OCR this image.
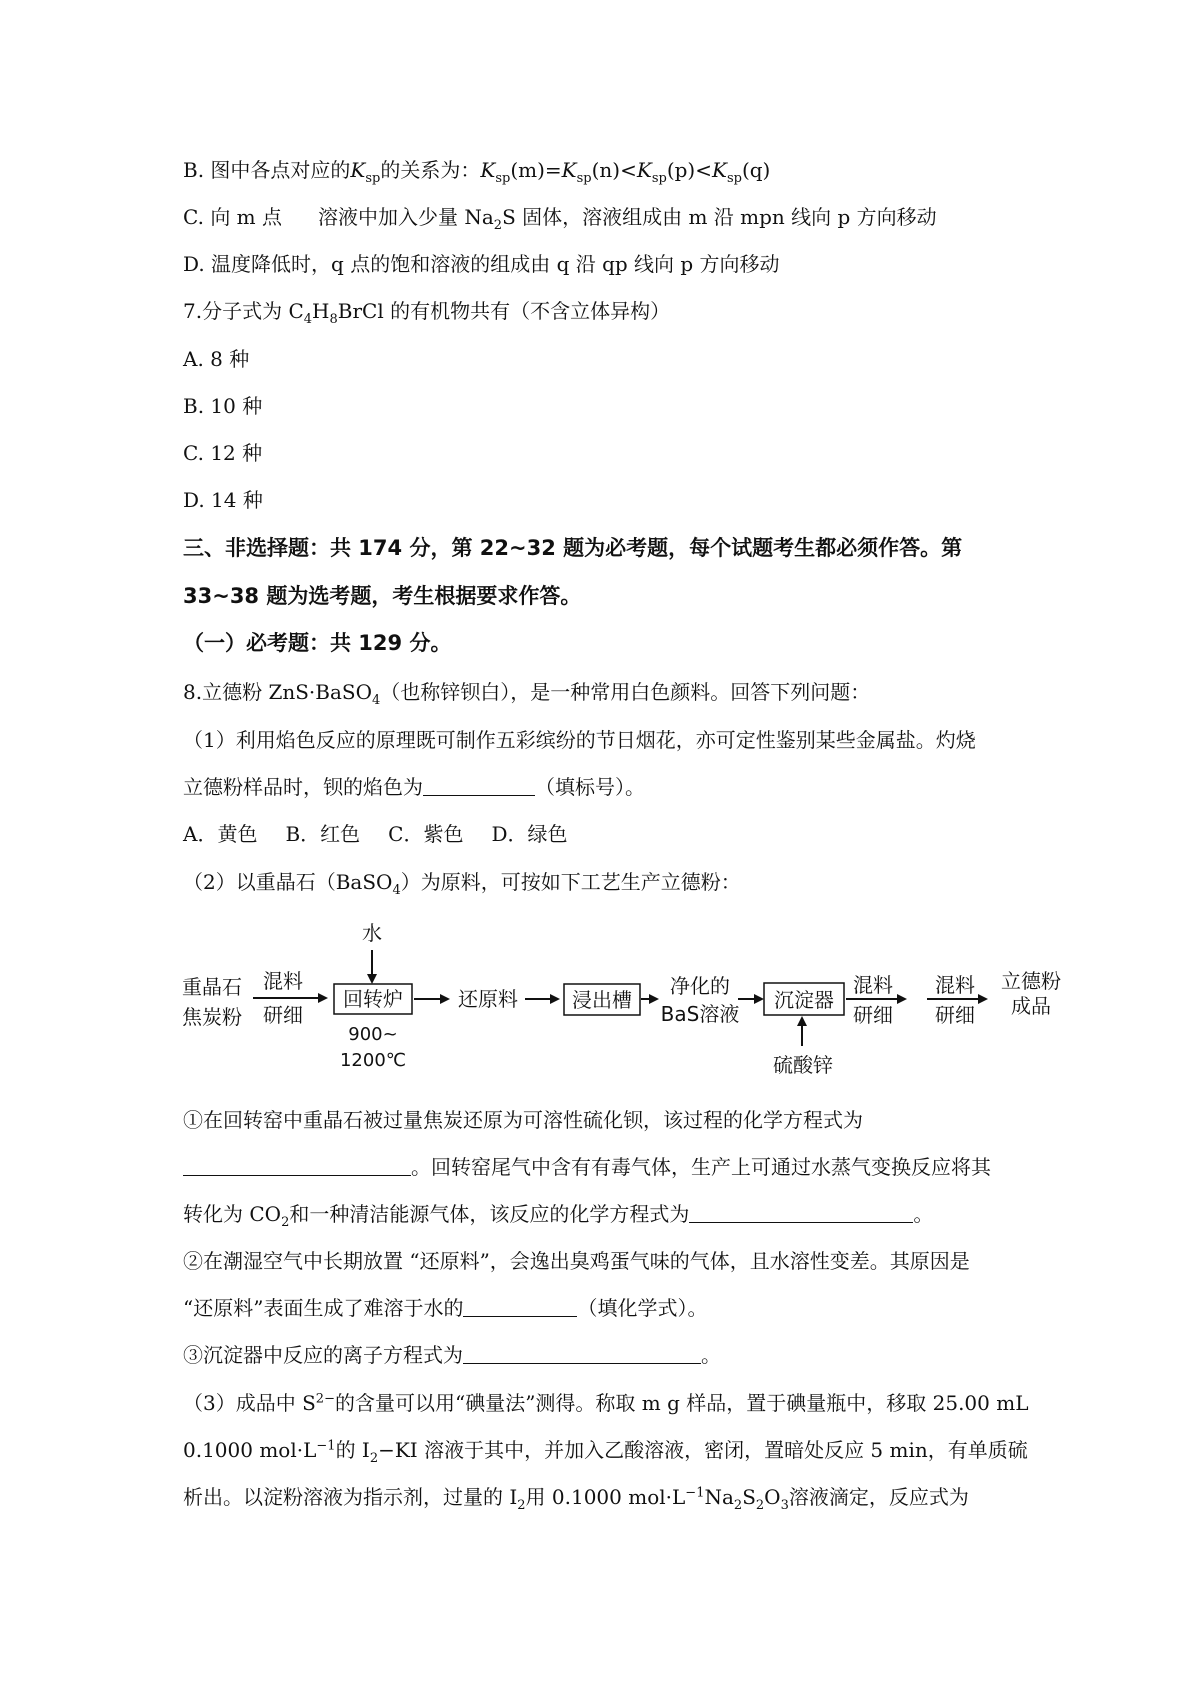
B. 图中各点对应的$K_{sp}$的关系为：$K_{sp}(m)=K_{sp}(n)<K_{sp}(p)<K_{sp}(q)$
C. 向 m 点 溶液中加入少量 $Na_2S$ 固体，溶液组成由 m 沿 mpn 线向 p 方向移动
D. 温度降低时，q 点的饱和溶液的组成由 q 沿 qp 线向 p 方向移动
7.分子式为 $C_4H_8BrCl$ 的有机物共有（不含立体异构）
A. 8 种
B. 10 种
C. 12 种
D. 14 种
三、非选择题：共 174 分，第 22~32 题为必考题，每个试题考生都必须作答。第
33~38 题为选考题，考生根据要求作答。
（一）必考题：共 129 分。
8.立德粉 ZnS·BaSO$_4$（也称锌钡白），是一种常用白色颜料。回答下列问题：
（1）利用焰色反应的原理既可制作五彩缤纷的节日烟花，亦可定性鉴别某些金属盐。灼烧
立德粉样品时，钡的焰色为	（填标号）。
A．黄色 B．红色 C．紫色 D．绿色
（2）以重晶石（BaSO$_4$）为原料，可按如下工艺生产立德粉：
水
重晶石
焦炭粉
混料
研细
回转炉
900~
1200℃
还原料	浸出槽
净化的
BaS溶液
沉淀器
硫酸锌
混料
研细
混料
研细
立德粉
成品
①在回转窑中重晶石被过量焦炭还原为可溶性硫化钡，该过程的化学方程式为
。回转窑尾气中含有有毒气体，生产上可通过水蒸气变换反应将其
转化为 $CO_2$和一种清洁能源气体，该反应的化学方程式为	。
②在潮湿空气中长期放置 “还原料”，会逸出臭鸡蛋气味的气体，且水溶性变差。其原因是
“还原料”表面生成了难溶于水的	（填化学式）。
③沉淀器中反应的离子方程式为	。
（3）成品中 $S^{2-}$的含量可以用“碘量法”测得。称取 m g 样品，置于碘量瓶中，移取 25.00 mL
0.1000 $mol\cdot L^{-1}$的 $I_2-KI$ 溶液于其中，并加入乙酸溶液，密闭，置暗处反应 5 min，有单质硫
析出。以淀粉溶液为指示剂，过量的 $I_2$用 0.1000 $mol\cdot L^{-1}Na_2S_2O_3$溶液滴定，反应式为
